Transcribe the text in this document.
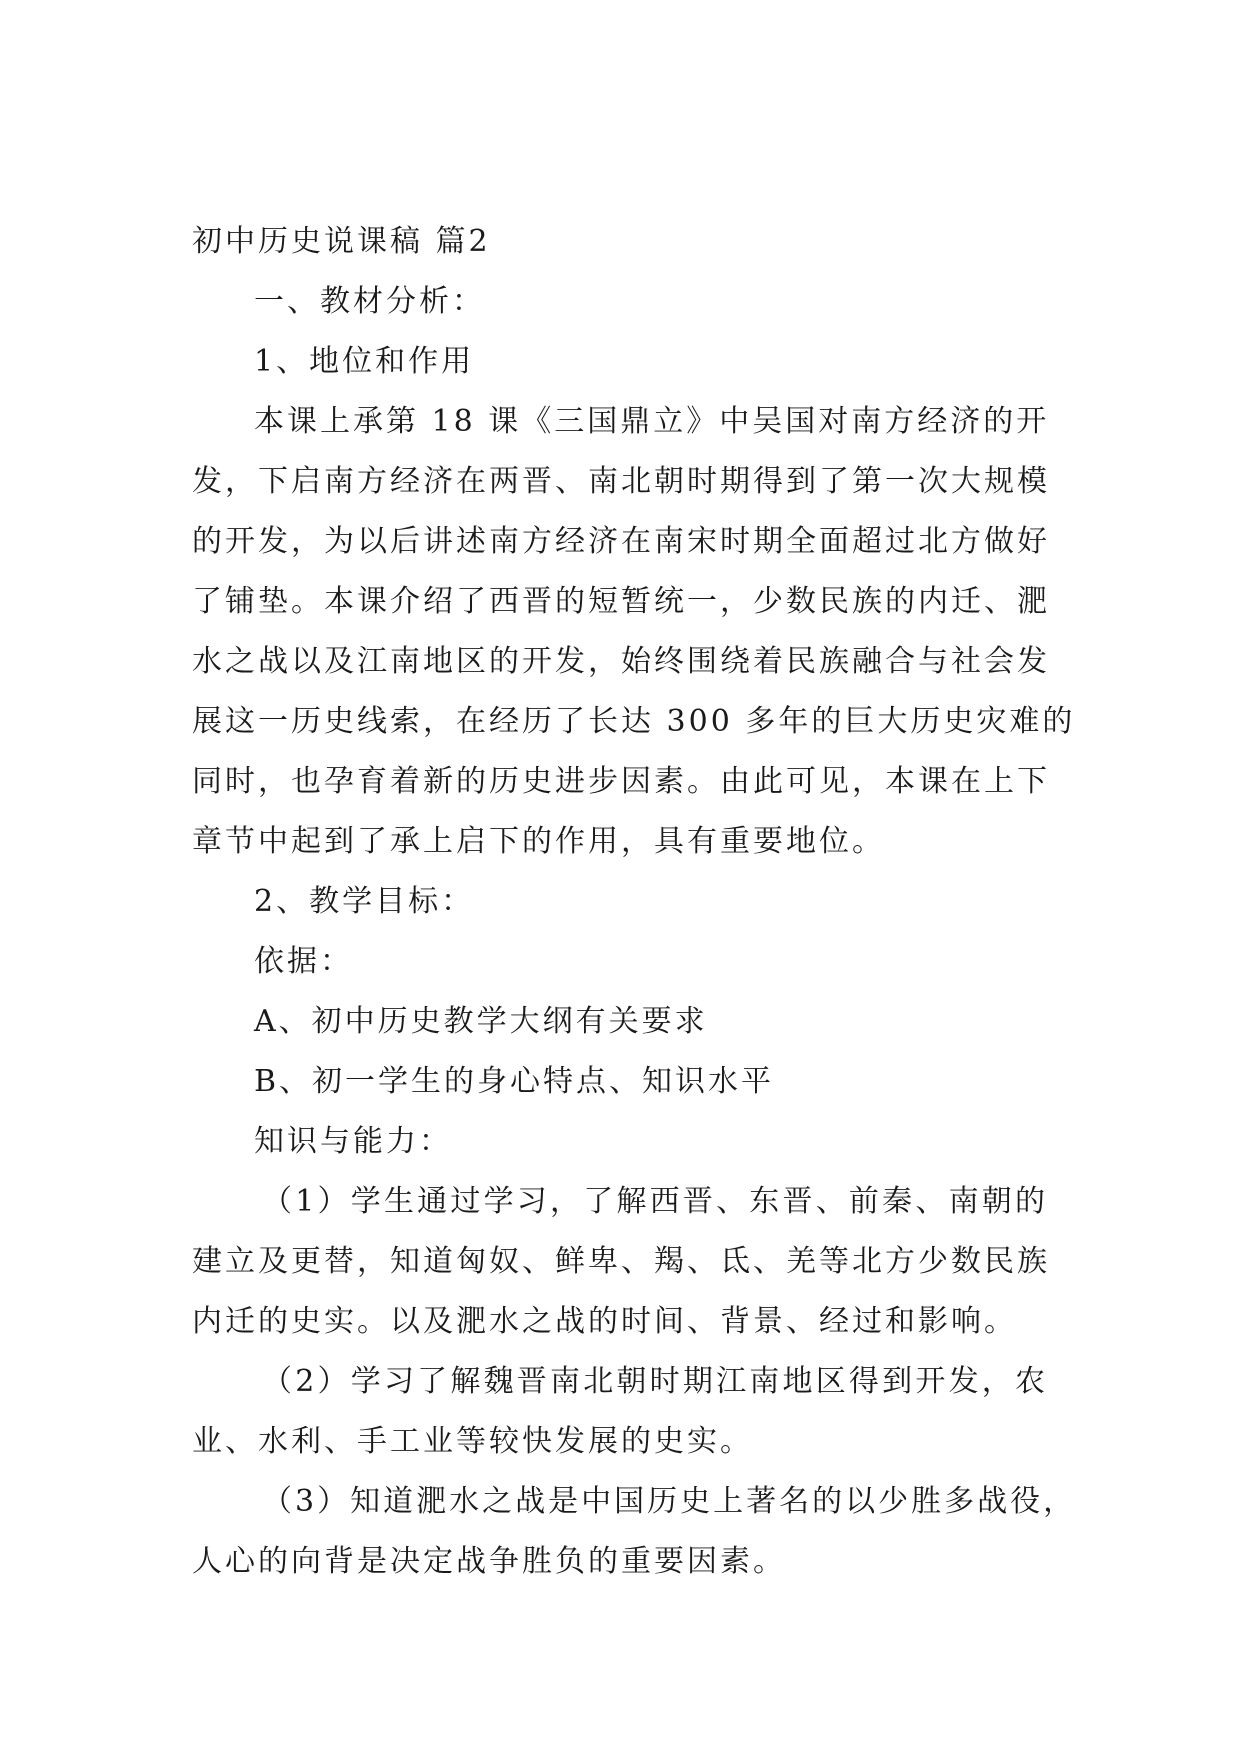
初中历史说课稿 篇2
一、教材分析：
1、地位和作用
本课上承第 18 课《三国鼎立》中吴国对南方经济的开
发，下启南方经济在两晋、南北朝时期得到了第一次大规模
的开发，为以后讲述南方经济在南宋时期全面超过北方做好
了铺垫。本课介绍了西晋的短暂统一，少数民族的内迁、淝
水之战以及江南地区的开发，始终围绕着民族融合与社会发
展这一历史线索，在经历了长达 300 多年的巨大历史灾难的
同时，也孕育着新的历史进步因素。由此可见，本课在上下
章节中起到了承上启下的作用，具有重要地位。
2、教学目标：
依据：
A、初中历史教学大纲有关要求
B、初一学生的身心特点、知识水平
知识与能力：
（1）学生通过学习，了解西晋、东晋、前秦、南朝的
建立及更替，知道匈奴、鲜卑、羯、氐、羌等北方少数民族
内迁的史实。以及淝水之战的时间、背景、经过和影响。
（2）学习了解魏晋南北朝时期江南地区得到开发，农
业、水利、手工业等较快发展的史实。
（3）知道淝水之战是中国历史上著名的以少胜多战役，
人心的向背是决定战争胜负的重要因素。
